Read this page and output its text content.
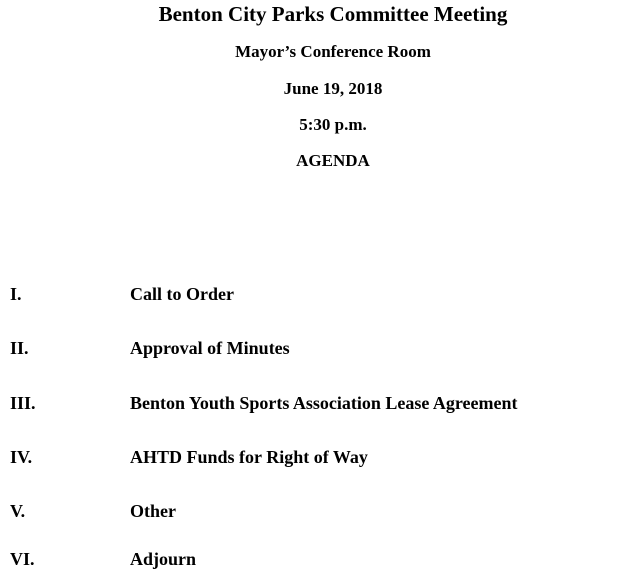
Benton City Parks Committee Meeting
Mayor’s Conference Room
June 19, 2018
5:30 p.m.
AGENDA
I.	Call to Order
II.	Approval of Minutes
III.	Benton Youth Sports Association Lease Agreement
IV.	AHTD Funds for Right of Way
V.	Other
VI.	Adjourn
